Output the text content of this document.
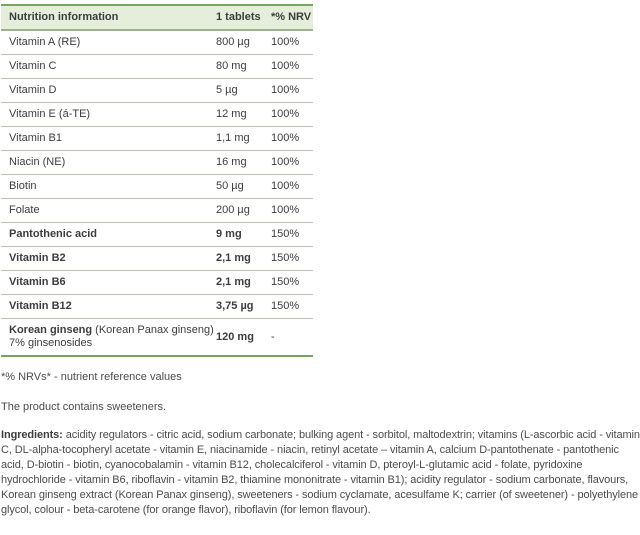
Nutrition information	1 tablets	*% NRV
Vitamin A (RE)	800 µg	100%
Vitamin C	80 mg	100%
Vitamin D	5 µg	100%
Vitamin E (á-TE)	12 mg	100%
Vitamin B1	1,1 mg	100%
Niacin (NE)	16 mg	100%
Biotin	50 µg	100%
Folate	200 µg	100%
Pantothenic acid	9 mg	150%
Vitamin B2	2,1 mg	150%
Vitamin B6	2,1 mg	150%
Vitamin B12	3,75 µg	150%
Korean ginseng (Korean Panax ginseng)
7% ginsenosides	120 mg	-

*% NRVs* - nutrient reference values

The product contains sweeteners.

Ingredients: acidity regulators - citric acid, sodium carbonate; bulking agent - sorbitol, maltodextrin; vitamins (L-ascorbic acid - vitamin C, DL-alpha-tocopheryl acetate - vitamin E, niacinamide - niacin, retinyl acetate – vitamin A, calcium D-pantothenate - pantothenic acid, D-biotin - biotin, cyanocobalamin - vitamin B12, cholecalciferol - vitamin D, pteroyl-L-glutamic acid - folate, pyridoxine hydrochloride - vitamin B6, riboflavin - vitamin B2, thiamine mononitrate - vitamin B1); acidity regulator - sodium carbonate, flavours, Korean ginseng extract (Korean Panax ginseng), sweeteners - sodium cyclamate, acesulfame K; carrier (of sweetener) - polyethylene glycol, colour - beta-carotene (for orange flavor), riboflavin (for lemon flavour).
